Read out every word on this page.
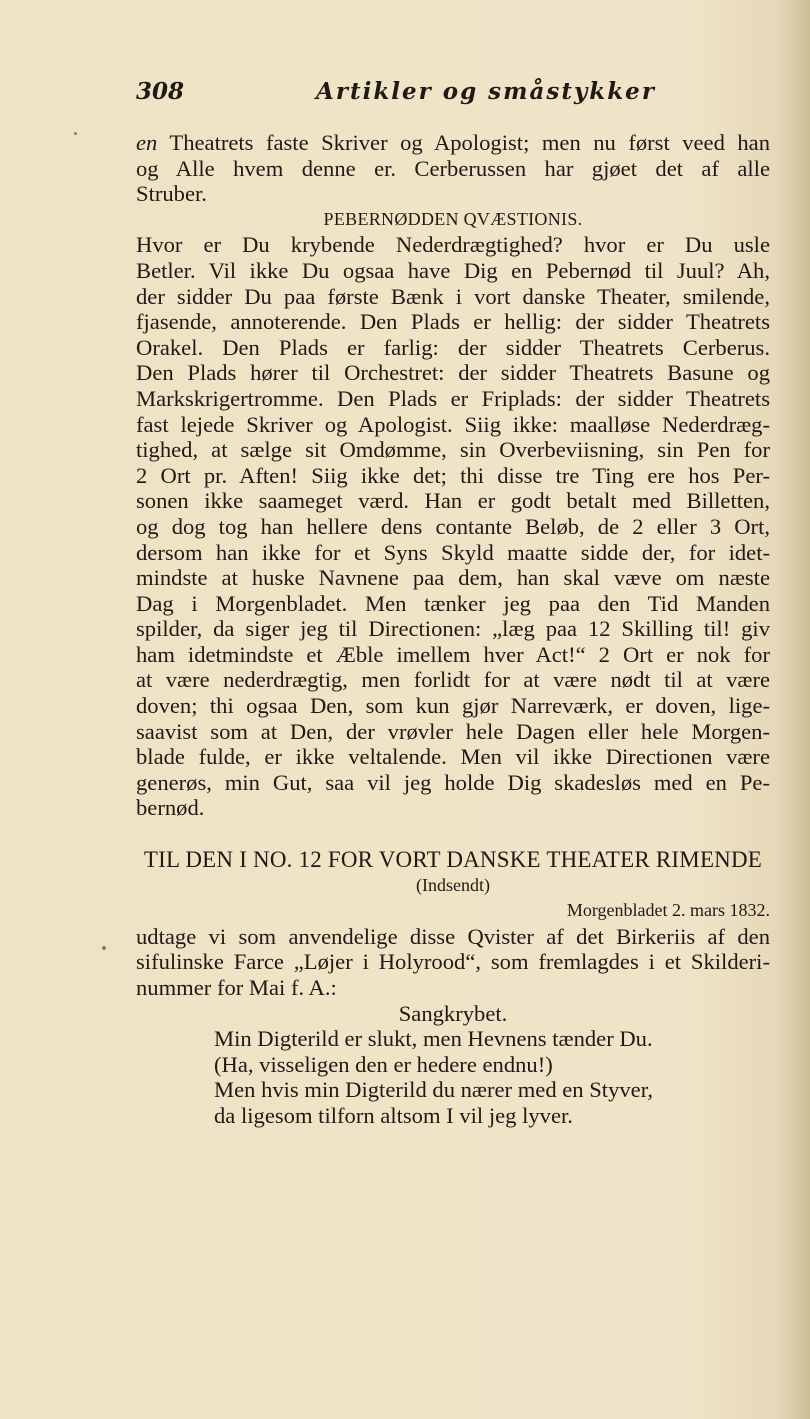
308	Artikler og småstykker
en Theatrets faste Skriver og Apologist; men nu først veed han
og Alle hvem denne er. Cerberussen har gjøet det af alle
Struber.
PEBERNØDDEN QVÆSTIONIS.
Hvor er Du krybende Nederdrægtighed? hvor er Du usle
Betler. Vil ikke Du ogsaa have Dig en Pebernød til Juul? Ah,
der sidder Du paa første Bænk i vort danske Theater, smilende,
fjasende, annoterende. Den Plads er hellig: der sidder Theatrets
Orakel. Den Plads er farlig: der sidder Theatrets Cerberus.
Den Plads hører til Orchestret: der sidder Theatrets Basune og
Markskrigertromme. Den Plads er Friplads: der sidder Theatrets
fast lejede Skriver og Apologist. Siig ikke: maalløse Nederdræg-
tighed, at sælge sit Omdømme, sin Overbeviisning, sin Pen for
2 Ort pr. Aften! Siig ikke det; thi disse tre Ting ere hos Per-
sonen ikke saameget værd. Han er godt betalt med Billetten,
og dog tog han hellere dens contante Beløb, de 2 eller 3 Ort,
dersom han ikke for et Syns Skyld maatte sidde der, for idet-
mindste at huske Navnene paa dem, han skal væve om næste
Dag i Morgenbladet. Men tænker jeg paa den Tid Manden
spilder, da siger jeg til Directionen: „læg paa 12 Skilling til! giv
ham idetmindste et Æble imellem hver Act!“ 2 Ort er nok for
at være nederdrægtig, men forlidt for at være nødt til at være
doven; thi ogsaa Den, som kun gjør Narreværk, er doven, lige-
saavist som at Den, der vrøvler hele Dagen eller hele Morgen-
blade fulde, er ikke veltalende. Men vil ikke Directionen være
generøs, min Gut, saa vil jeg holde Dig skadesløs med en Pe-
bernød.
TIL DEN I NO. 12 FOR VORT DANSKE THEATER RIMENDE
(Indsendt)
Morgenbladet 2. mars 1832.
udtage vi som anvendelige disse Qvister af det Birkeriis af den
sifulinske Farce „Løjer i Holyrood“, som fremlagdes i et Skilderi-
nummer for Mai f. A.:
Sangkrybet.
Min Digterild er slukt, men Hevnens tænder Du.
(Ha, visseligen den er hedere endnu!)
Men hvis min Digterild du nærer med en Styver,
da ligesom tilforn altsom I vil jeg lyver.
